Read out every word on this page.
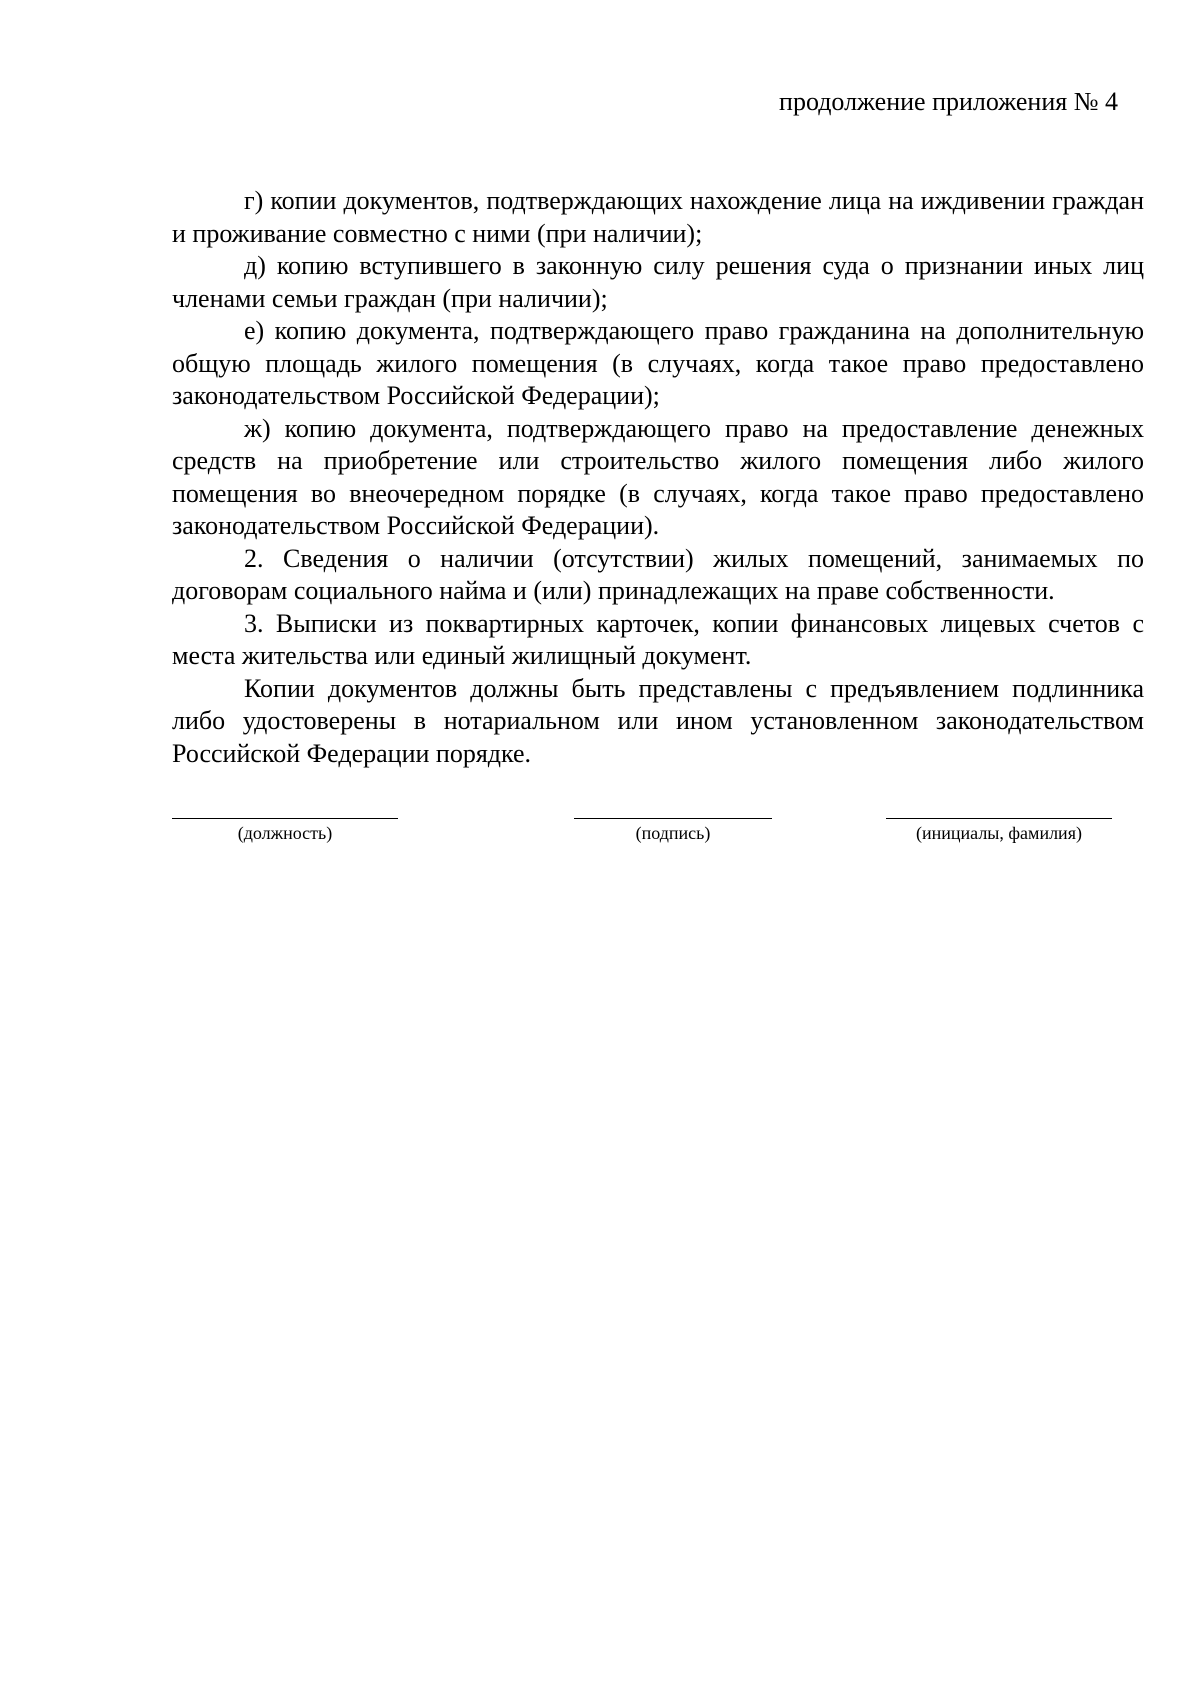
продолжение приложения № 4

г) копии документов, подтверждающих нахождение лица на иждивении граждан и проживание совместно с ними (при наличии);

д) копию вступившего в законную силу решения суда о признании иных лиц членами семьи граждан (при наличии);

е) копию документа, подтверждающего право гражданина на дополнительную общую площадь жилого помещения (в случаях, когда такое право предоставлено законодательством Российской Федерации);

ж) копию документа, подтверждающего право на предоставление денежных средств на приобретение или строительство жилого помещения либо жилого помещения во внеочередном порядке (в случаях, когда такое право предоставлено законодательством Российской Федерации).

2. Сведения о наличии (отсутствии) жилых помещений, занимаемых по договорам социального найма и (или) принадлежащих на праве собственности.

3. Выписки из поквартирных карточек, копии финансовых лицевых счетов с места жительства или единый жилищный документ.

Копии документов должны быть представлены с предъявлением подлинника либо удостоверены в нотариальном или ином установленном законодательством Российской Федерации порядке.

(должность)	(подпись)	(инициалы, фамилия)
